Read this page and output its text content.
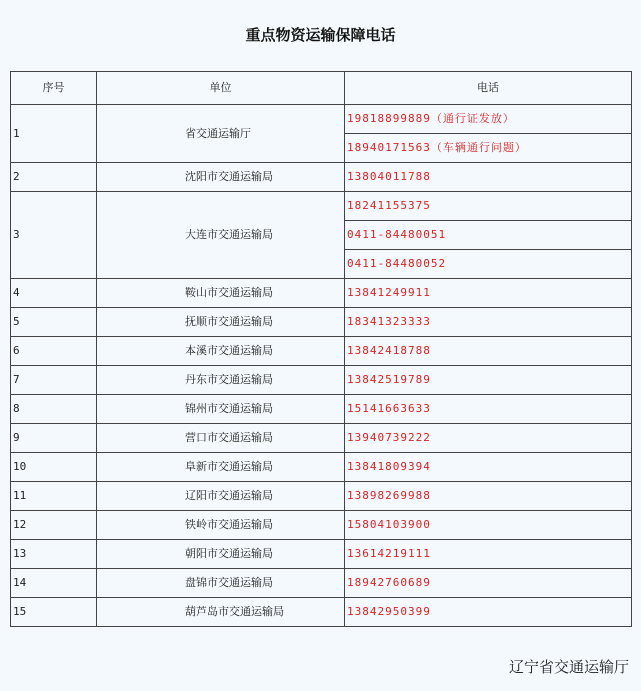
重点物资运输保障电话
序号	单位	电话
1	省交通运输厅	19818899889（通行证发放）
		18940171563（车辆通行问题）
2	沈阳市交通运输局	13804011788
3	大连市交通运输局	18241155375
		0411-84480051
		0411-84480052
4	鞍山市交通运输局	13841249911
5	抚顺市交通运输局	18341323333
6	本溪市交通运输局	13842418788
7	丹东市交通运输局	13842519789
8	锦州市交通运输局	15141663633
9	营口市交通运输局	13940739222
10	阜新市交通运输局	13841809394
11	辽阳市交通运输局	13898269988
12	铁岭市交通运输局	15804103900
13	朝阳市交通运输局	13614219111
14	盘锦市交通运输局	18942760689
15	葫芦岛市交通运输局	13842950399
辽宁省交通运输厅
